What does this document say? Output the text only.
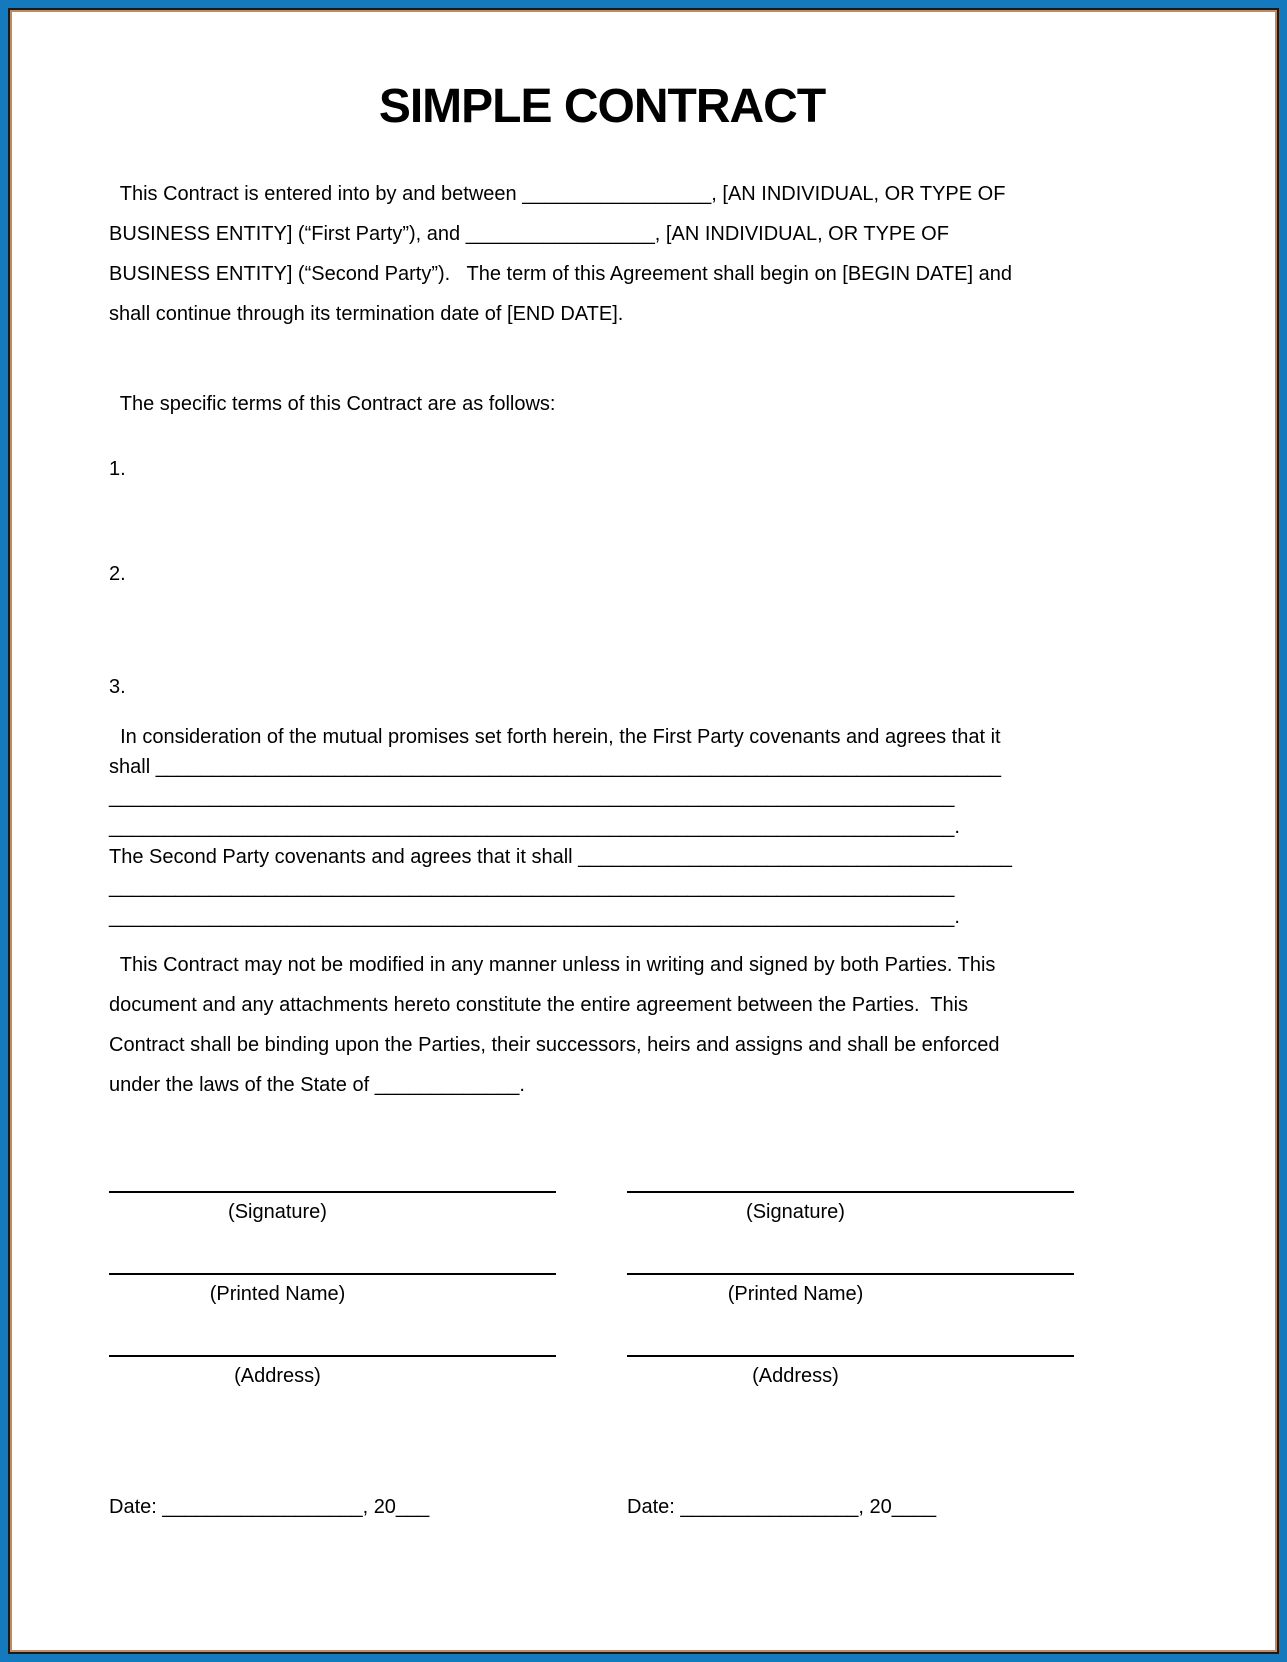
SIMPLE CONTRACT
This Contract is entered into by and between _________________, [AN INDIVIDUAL, OR TYPE OF
BUSINESS ENTITY] (“First Party”), and _________________, [AN INDIVIDUAL, OR TYPE OF
BUSINESS ENTITY] (“Second Party”).   The term of this Agreement shall begin on [BEGIN DATE] and
shall continue through its termination date of [END DATE].
The specific terms of this Contract are as follows:
1.
2.
3.
In consideration of the mutual promises set forth herein, the First Party covenants and agrees that it
shall ____________________________________________________________________________
____________________________________________________________________________
____________________________________________________________________________.
The Second Party covenants and agrees that it shall _______________________________________
____________________________________________________________________________
____________________________________________________________________________.
This Contract may not be modified in any manner unless in writing and signed by both Parties. This
document and any attachments hereto constitute the entire agreement between the Parties.  This
Contract shall be binding upon the Parties, their successors, heirs and assigns and shall be enforced
under the laws of the State of _____________.
(Signature)
(Printed Name)
(Address)
(Signature)
(Printed Name)
(Address)
Date: __________________, 20___	Date: ________________, 20____
